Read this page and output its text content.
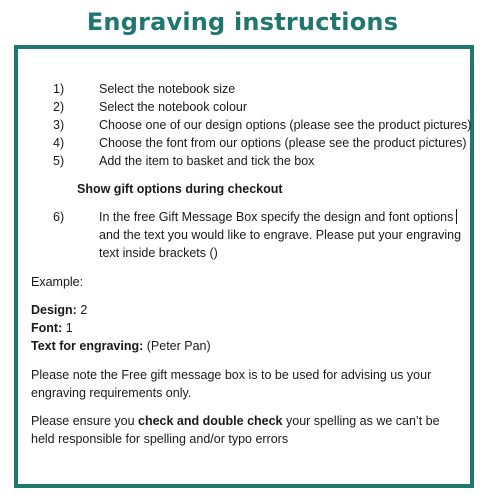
Engraving instructions
1)	Select the notebook size
2)	Select the notebook colour
3)	Choose one of our design options (please see the product pictures)
4)	Choose the font from our options (please see the product pictures)
5)	Add the item to basket and tick the box
Show gift options during checkout
6)	In the free Gift Message Box specify the design and font options
and the text you would like to engrave. Please put your engraving
text inside brackets ()
Example:
Design: 2
Font: 1
Text for engraving: (Peter Pan)
Please note the Free gift message box is to be used for advising us your
engraving requirements only.
Please ensure you check and double check your spelling as we can’t be
held responsible for spelling and/or typo errors
